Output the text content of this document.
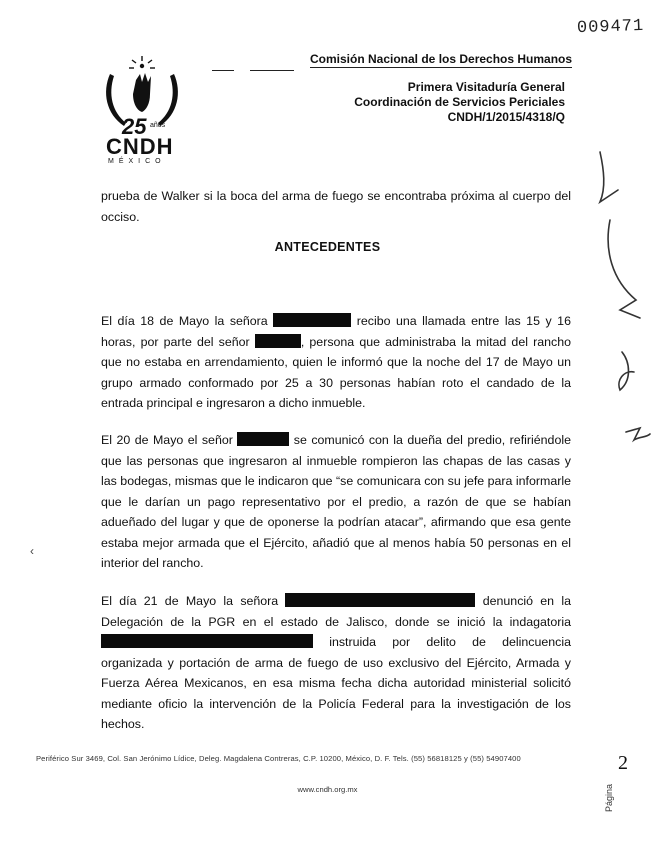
009471
25 años
CNDH
MÉXICO
Comisión Nacional de los Derechos Humanos
Primera Visitaduría General
Coordinación de Servicios Periciales
CNDH/1/2015/4318/Q
prueba de Walker si la boca del arma de fuego se encontraba próxima al cuerpo del occiso.
ANTECEDENTES
El día 18 de Mayo la señora	recibo una llamada entre las 15 y 16 horas, por parte del señor	, persona que administraba la mitad del rancho que no estaba en arrendamiento, quien le informó que la noche del 17 de Mayo un grupo armado conformado por 25 a 30 personas habían roto el candado de la entrada principal e ingresaron a dicho inmueble.
El 20 de Mayo el señor	se comunicó con la dueña del predio, refiriéndole que las personas que ingresaron al inmueble rompieron las chapas de las casas y las bodegas, mismas que le indicaron que “se comunicara con su jefe para informarle que le darían un pago representativo por el predio, a razón de que se habían adueñado del lugar y que de oponerse la podrían atacar”, afirmando que esa gente estaba mejor armada que el Ejército, añadió que al menos había 50 personas en el interior del rancho.
El día 21 de Mayo la señora	denunció en la Delegación de la PGR en el estado de Jalisco, donde se inició la indagatoria  instruida por delito de delincuencia organizada y portación de arma de fuego de uso exclusivo del Ejército, Armada y Fuerza Aérea Mexicanos, en esa misma fecha dicha autoridad ministerial solicitó mediante oficio la intervención de la Policía Federal para la investigación de los hechos.
Periférico Sur 3469, Col. San Jerónimo Lídice, Deleg. Magdalena Contreras, C.P. 10200, México, D. F. Tels. (55) 56818125 y (55) 54907400
www.cndh.org.mx	Página
2
‹
